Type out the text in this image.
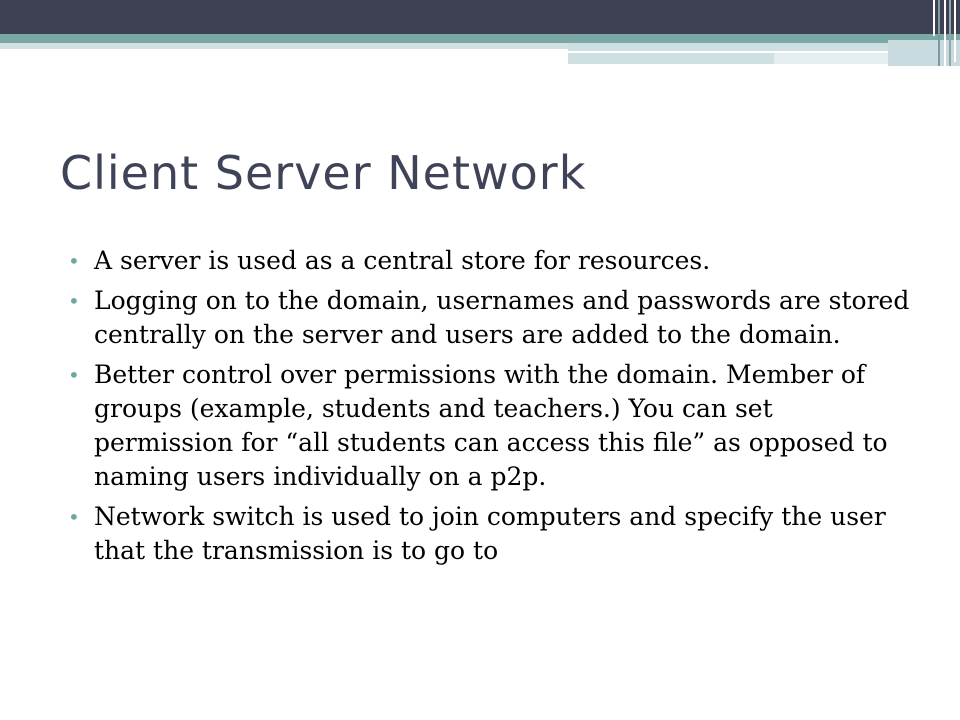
Client Server Network
• A server is used as a central store for resources.
• Logging on to the domain, usernames and passwords are stored centrally on the server and users are added to the domain.
• Better control over permissions with the domain. Member of groups (example, students and teachers.) You can set permission for “all students can access this file” as opposed to naming users individually on a p2p.
• Network switch is used to join computers and specify the user that the transmission is to go to
